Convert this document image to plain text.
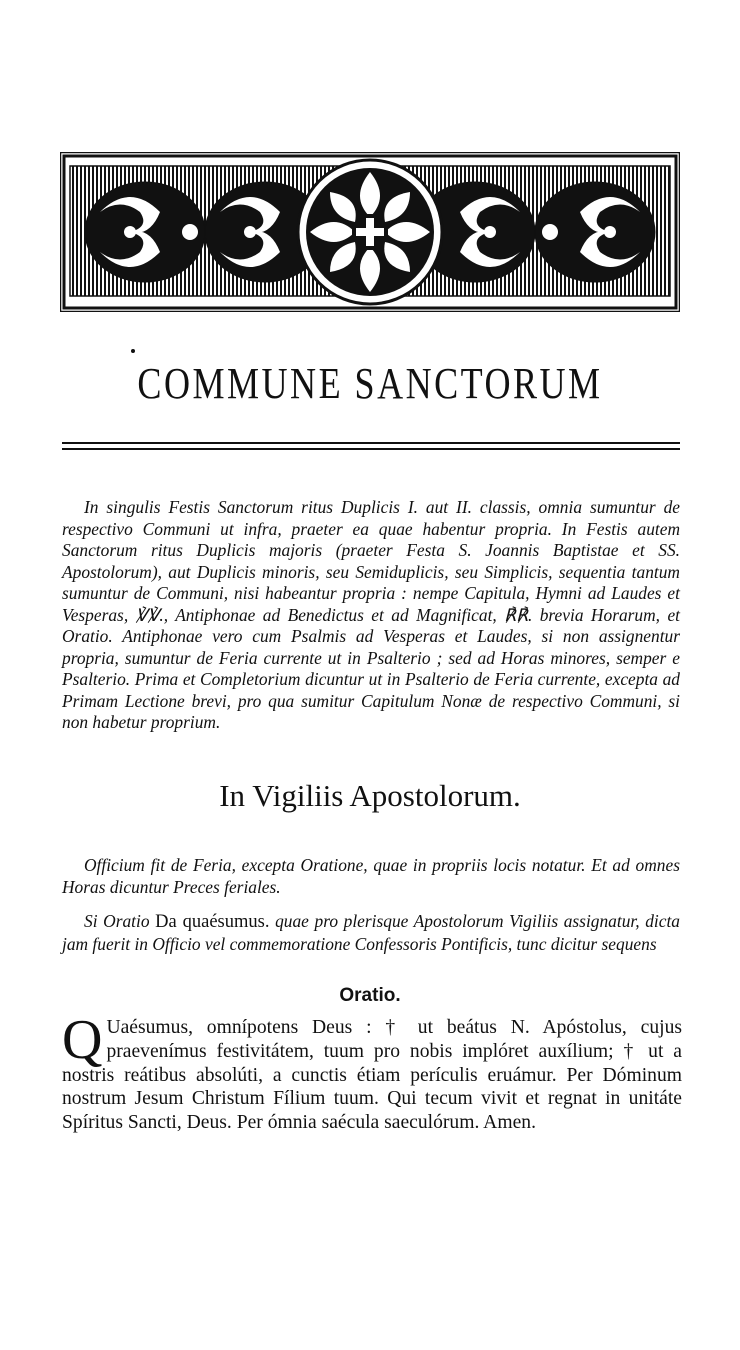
COMMUNE SANCTORUM
In singulis Festis Sanctorum ritus Duplicis I. aut II. classis, omnia sumuntur de respectivo Communi ut infra, praeter ea quae habentur propria. In Festis autem Sanctorum ritus Duplicis majoris (praeter Festa S. Joannis Baptistae et SS. Apostolorum), aut Duplicis minoris, seu Semiduplicis, seu Simplicis, sequentia tantum sumuntur de Communi, nisi habeantur propria : nempe Capitula, Hymni ad Laudes et Vesperas, ℣℣., Antiphonae ad Benedictus et ad Magnificat, ℟℟. brevia Horarum, et Oratio. Antiphonae vero cum Psalmis ad Vesperas et Laudes, si non assignentur propria, sumuntur de Feria currente ut in Psalterio ; sed ad Horas minores, semper e Psalterio. Prima et Completorium dicuntur ut in Psalterio de Feria currente, excepta ad Primam Lectione brevi, pro qua sumitur Capitulum Nonæ de respectivo Communi, si non habetur proprium.
In Vigiliis Apostolorum.
Officium fit de Feria, excepta Oratione, quae in propriis locis notatur. Et ad omnes Horas dicuntur Preces feriales.
Si Oratio Da quaésumus. quae pro plerisque Apostolorum Vigiliis assignatur, dicta jam fuerit in Officio vel commemoratione Confessoris Pontificis, tunc dicitur sequens
Oratio.
Q Uaésumus, omnípotens Deus : † ut beátus N. Apóstolus, cujus praevenímus festivitátem, tuum pro nobis implóret auxílium; † ut a nostris reátibus absolúti, a cunctis étiam perículis eruámur. Per Dóminum nostrum Jesum Christum Fílium tuum. Qui tecum vivit et regnat in unitáte Spíritus Sancti, Deus. Per ómnia saécula saeculórum. Amen.
